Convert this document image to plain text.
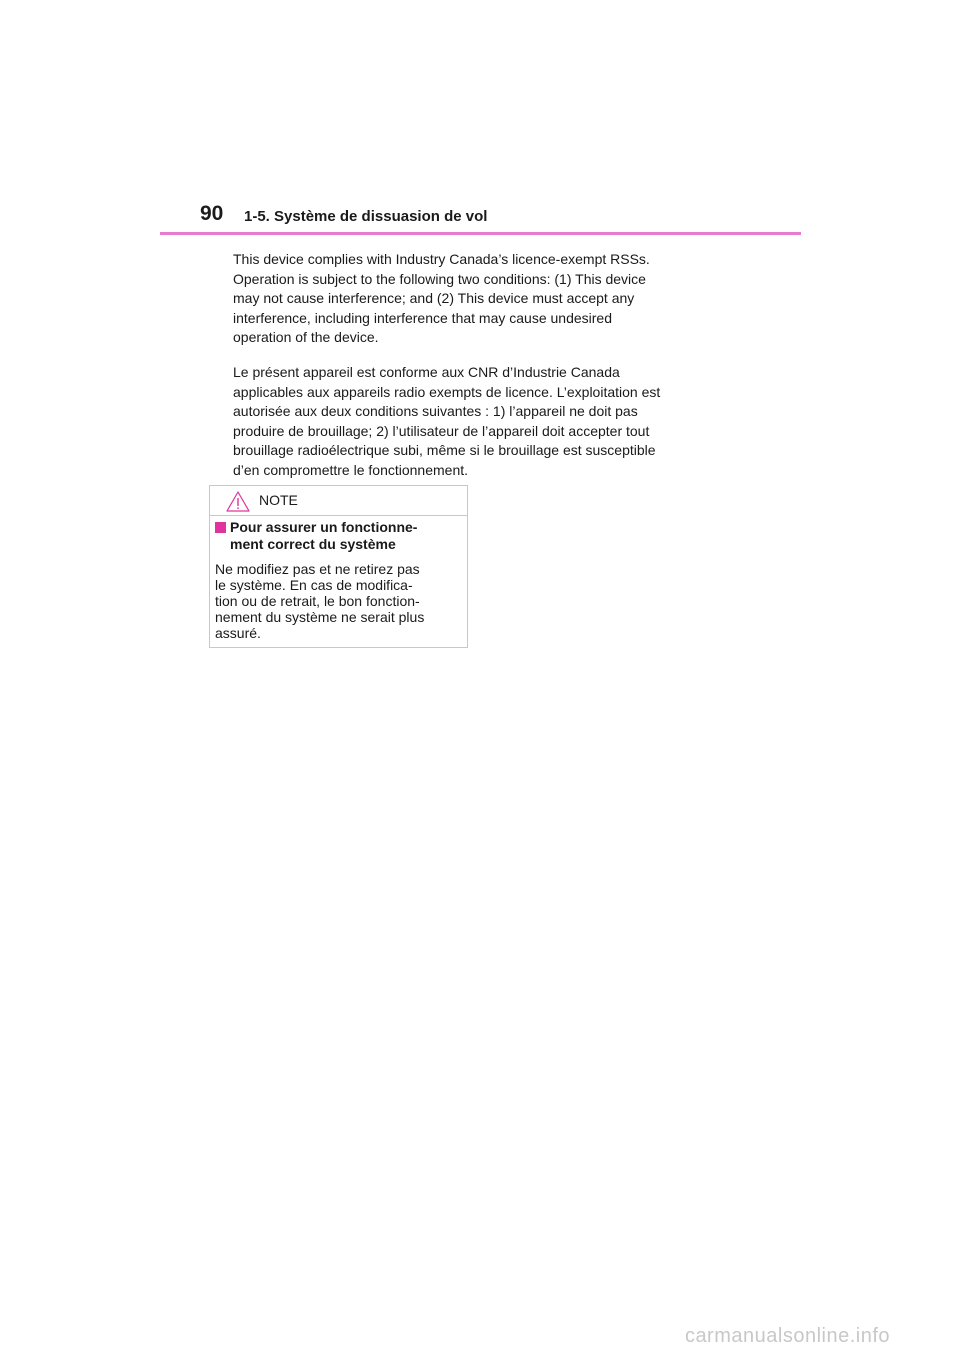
90 1-5. Système de dissuasion de vol
This device complies with Industry Canada’s licence-exempt RSSs.
Operation is subject to the following two conditions: (1) This device
may not cause interference; and (2) This device must accept any
interference, including interference that may cause undesired
operation of the device.
Le présent appareil est conforme aux CNR d’Industrie Canada
applicables aux appareils radio exempts de licence. L’exploitation est
autorisée aux deux conditions suivantes : 1) l’appareil ne doit pas
produire de brouillage; 2) l’utilisateur de l’appareil doit accepter tout
brouillage radioélectrique subi, même si le brouillage est susceptible
d’en compromettre le fonctionnement.
NOTE
Pour assurer un fonctionne-
ment correct du système
Ne modifiez pas et ne retirez pas
le système. En cas de modifica-
tion ou de retrait, le bon fonction-
nement du système ne serait plus
assuré.
carmanualsonline.info
